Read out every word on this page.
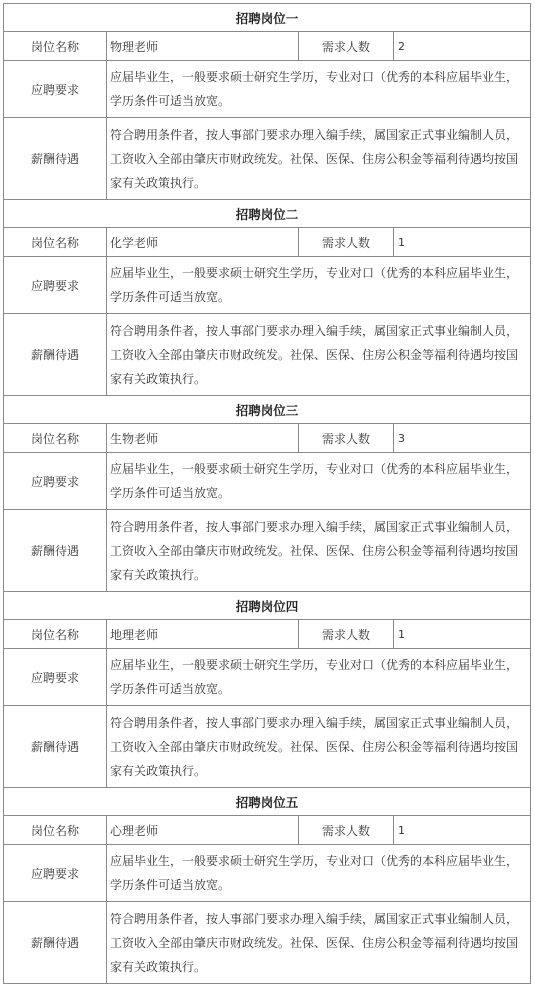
招聘岗位一			
岗位名称	物理老师	需求人数	2
应聘要求	应届毕业生，一般要求硕士研究生学历，专业对口（优秀的本科应届毕业生，学历条件可适当放宽。		
薪酬待遇	符合聘用条件者，按人事部门要求办理入编手续，属国家正式事业编制人员，工资收入全部由肇庆市财政统发。社保、医保、住房公积金等福利待遇均按国家有关政策执行。		
招聘岗位二			
岗位名称	化学老师	需求人数	1
应聘要求	应届毕业生，一般要求硕士研究生学历，专业对口（优秀的本科应届毕业生，学历条件可适当放宽。		
薪酬待遇	符合聘用条件者，按人事部门要求办理入编手续，属国家正式事业编制人员，工资收入全部由肇庆市财政统发。社保、医保、住房公积金等福利待遇均按国家有关政策执行。		
招聘岗位三			
岗位名称	生物老师	需求人数	3
应聘要求	应届毕业生，一般要求硕士研究生学历，专业对口（优秀的本科应届毕业生，学历条件可适当放宽。		
薪酬待遇	符合聘用条件者，按人事部门要求办理入编手续，属国家正式事业编制人员，工资收入全部由肇庆市财政统发。社保、医保、住房公积金等福利待遇均按国家有关政策执行。		
招聘岗位四			
岗位名称	地理老师	需求人数	1
应聘要求	应届毕业生，一般要求硕士研究生学历，专业对口（优秀的本科应届毕业生，学历条件可适当放宽。		
薪酬待遇	符合聘用条件者，按人事部门要求办理入编手续，属国家正式事业编制人员，工资收入全部由肇庆市财政统发。社保、医保、住房公积金等福利待遇均按国家有关政策执行。		
招聘岗位五			
岗位名称	心理老师	需求人数	1
应聘要求	应届毕业生，一般要求硕士研究生学历，专业对口（优秀的本科应届毕业生，学历条件可适当放宽。		
薪酬待遇	符合聘用条件者，按人事部门要求办理入编手续，属国家正式事业编制人员，工资收入全部由肇庆市财政统发。社保、医保、住房公积金等福利待遇均按国家有关政策执行。		
